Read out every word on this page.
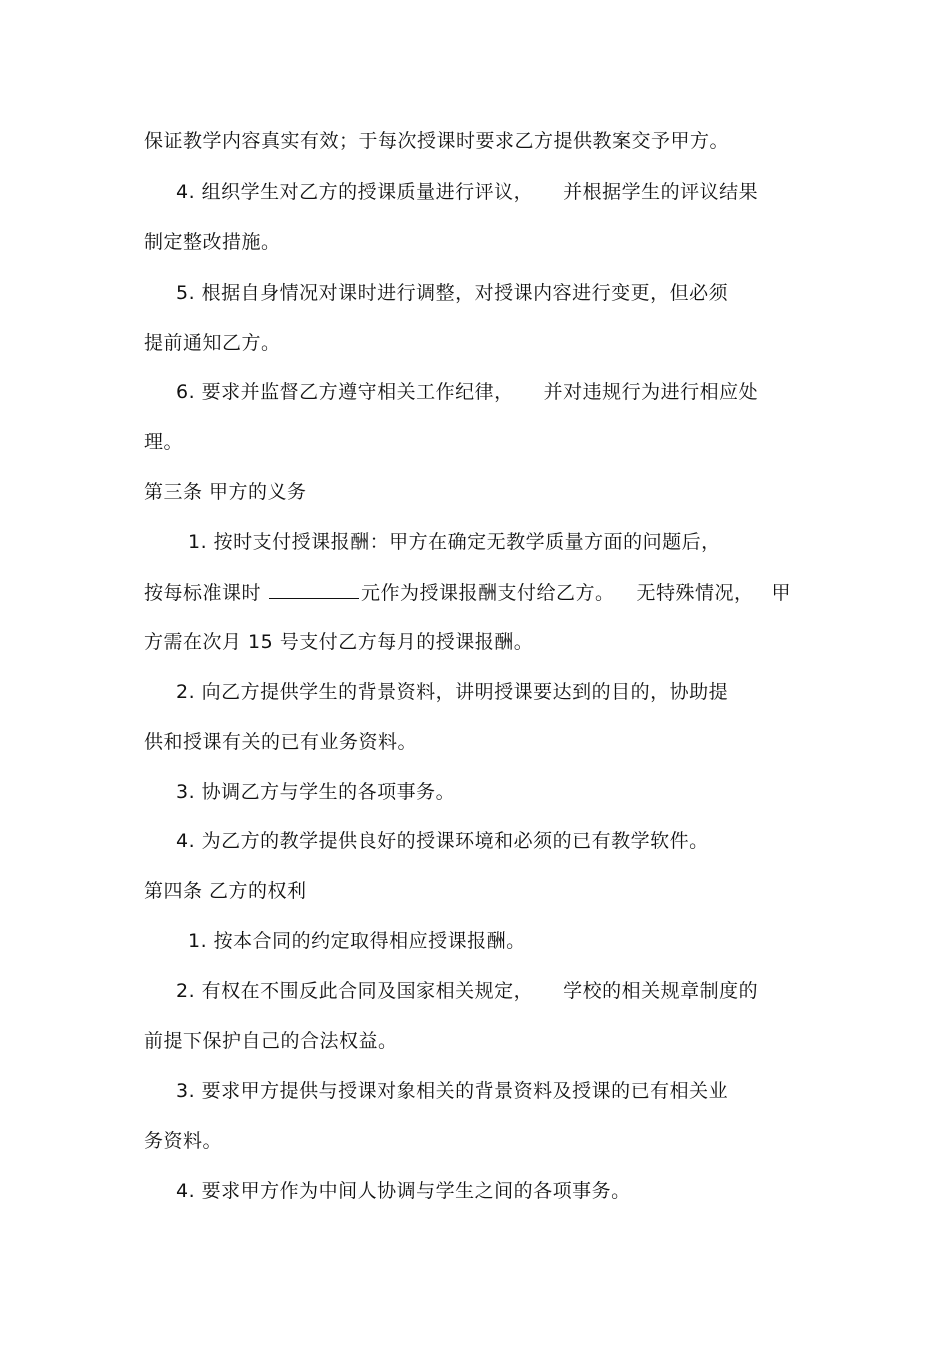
保证教学内容真实有效；于每次授课时要求乙方提供教案交予甲方。
4. 组织学生对乙方的授课质量进行评议， 并根据学生的评议结果
制定整改措施。
5. 根据自身情况对课时进行调整，对授课内容进行变更，但必须
提前通知乙方。
6. 要求并监督乙方遵守相关工作纪律， 并对违规行为进行相应处
理。
第三条 甲方的义务
1. 按时支付授课报酬：甲方在确定无教学质量方面的问题后，
按每标准课时	元作为授课报酬支付给乙方。 无特殊情况， 甲
方需在次月 15 号支付乙方每月的授课报酬。
2. 向乙方提供学生的背景资料，讲明授课要达到的目的，协助提
供和授课有关的已有业务资料。
3. 协调乙方与学生的各项事务。
4. 为乙方的教学提供良好的授课环境和必须的已有教学软件。
第四条 乙方的权利
1. 按本合同的约定取得相应授课报酬。
2. 有权在不围反此合同及国家相关规定， 学校的相关规章制度的
前提下保护自己的合法权益。
3. 要求甲方提供与授课对象相关的背景资料及授课的已有相关业
务资料。
4. 要求甲方作为中间人协调与学生之间的各项事务。
